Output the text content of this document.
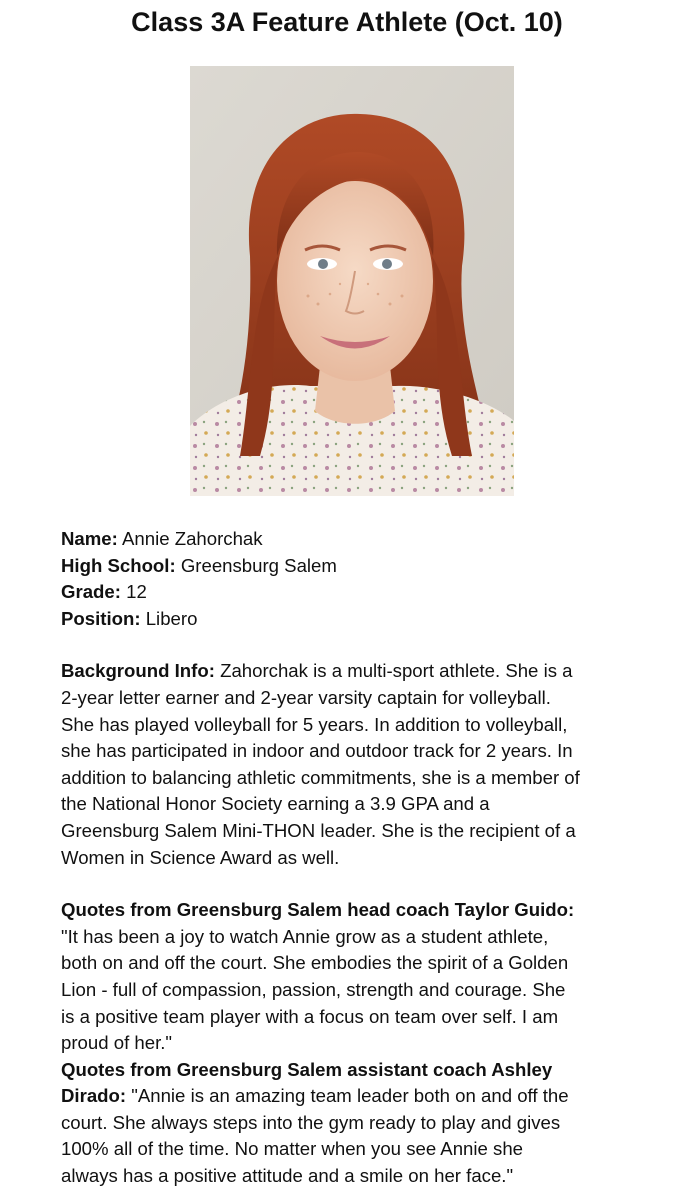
Class 3A Feature Athlete (Oct. 10)

Name: Annie Zahorchak

High School: Greensburg Salem

Grade: 12

Position: Libero

Background Info: Zahorchak is a multi-sport athlete. She is a

2-year letter earner and 2-year varsity captain for volleyball.

She has played volleyball for 5 years. In addition to volleyball,

she has participated in indoor and outdoor track for 2 years. In

addition to balancing athletic commitments, she is a member of

the National Honor Society earning a 3.9 GPA and a

Greensburg Salem Mini-THON leader. She is the recipient of a

Women in Science Award as well.

Quotes from Greensburg Salem head coach Taylor Guido:

"It has been a joy to watch Annie grow as a student athlete,

both on and off the court. She embodies the spirit of a Golden

Lion - full of compassion, passion, strength and courage. She

is a positive team player with a focus on team over self. I am

proud of her."

Quotes from Greensburg Salem assistant coach Ashley

Dirado: "Annie is an amazing team leader both on and off the

court. She always steps into the gym ready to play and gives

100% all of the time. No matter when you see Annie she

always has a positive attitude and a smile on her face."
